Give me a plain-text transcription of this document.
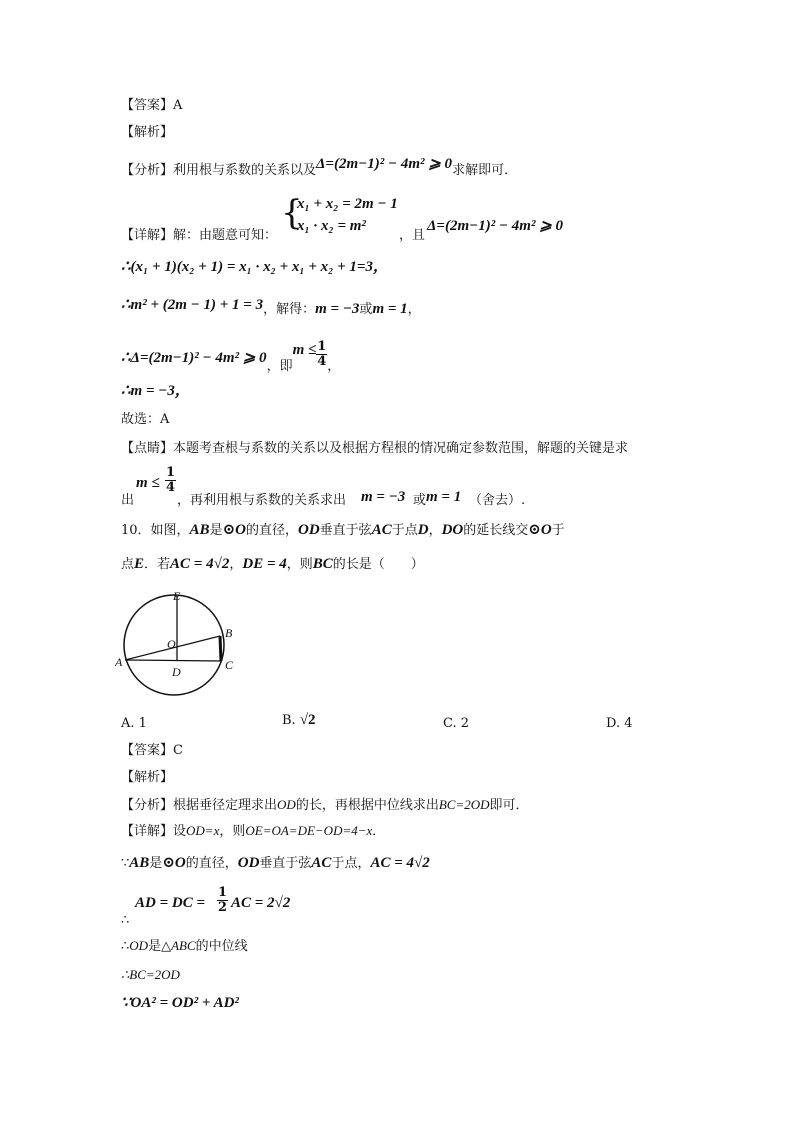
【答案】A
【解析】
【分析】利用根与系数的关系以及Δ=(2m−1)² − 4m² ⩾ 0求解即可．
【详解】 解：由题意可知：
{
x₁ + x₂ = 2m − 1
x₁ · x₂ = m²
，且
Δ=(2m−1)² − 4m² ⩾ 0
∴(x₁ + 1)(x₂ + 1) = x₁ · x₂ + x₁ + x₂ + 1=3，
∴m² + (2m − 1) + 1 = 3，解得：m = −3或m = 1，
∴Δ=(2m−1)² − 4m² ⩾ 0，即$m \le \frac{1}{4}$ ，
∴m = −3，
故选：A
【点睛】本题考查根与系数的关系以及根据方程根的情况确定参数范围，解题的关键是求
出
$m \le \frac{1}{4}$
，再利用根与系数的关系求出 m = −3 或 m = 1 （舍去）.
10．如图，AB是⊙O的直径，OD垂直于弦AC于点D，DO的延长线交⊙O于
点E．若AC = 4√2，DE = 4，则BC的长是（　　）
E
O
B
A
D	C
A. 1	B. √2	C. 2	D. 4
【答案】C
【解析】
【分析】根据垂径定理求出OD的长，再根据中位线求出BC=2OD即可．
【详解】设OD=x，则OE=OA=DE−OD=4−x．
∵AB是⊙O的直径，OD垂直于弦AC于点，AC = 4√2
∴
AD = DC = $\frac{1}{2}$ AC = 2√2
∴OD是△ABC的中位线
∴BC=2OD
∵OA² = OD² + AD²
